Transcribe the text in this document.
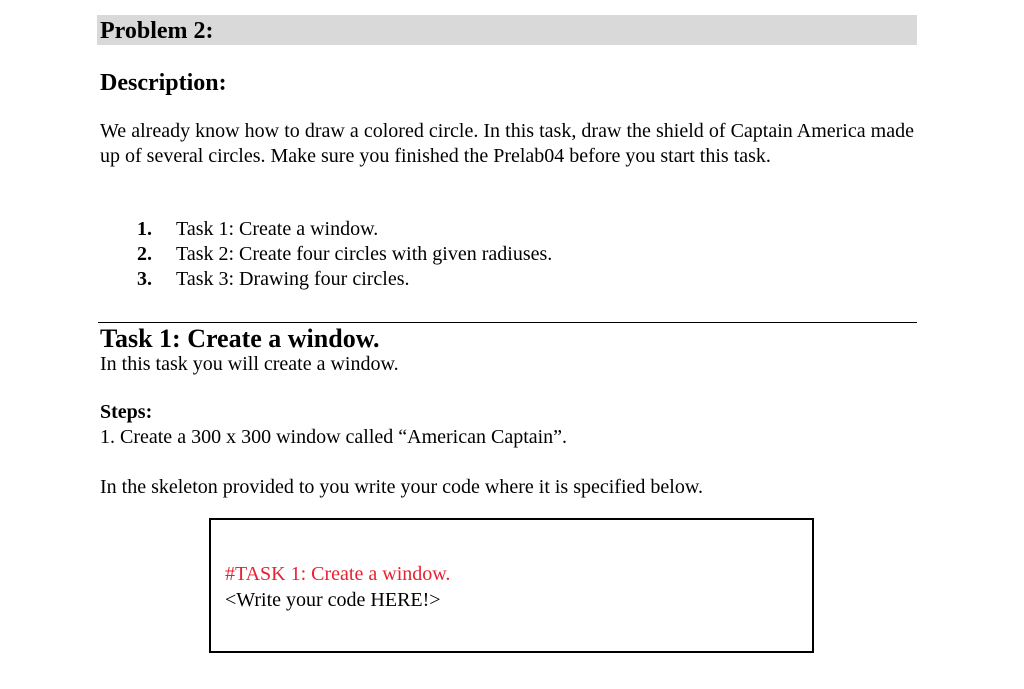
Problem 2:
Description:

We already know how to draw a colored circle. In this task, draw the shield of Captain America made up of several circles. Make sure you finished the Prelab04 before you start this task.

1.	Task 1: Create a window.
2.	Task 2: Create four circles with given radiuses.
3.	Task 3: Drawing four circles.
Task 1: Create a window.
In this task you will create a window.
Steps:
1. Create a 300 x 300 window called “American Captain”.
In the skeleton provided to you write your code where it is specified below.
#TASK 1: Create a window.
<Write your code HERE!>
